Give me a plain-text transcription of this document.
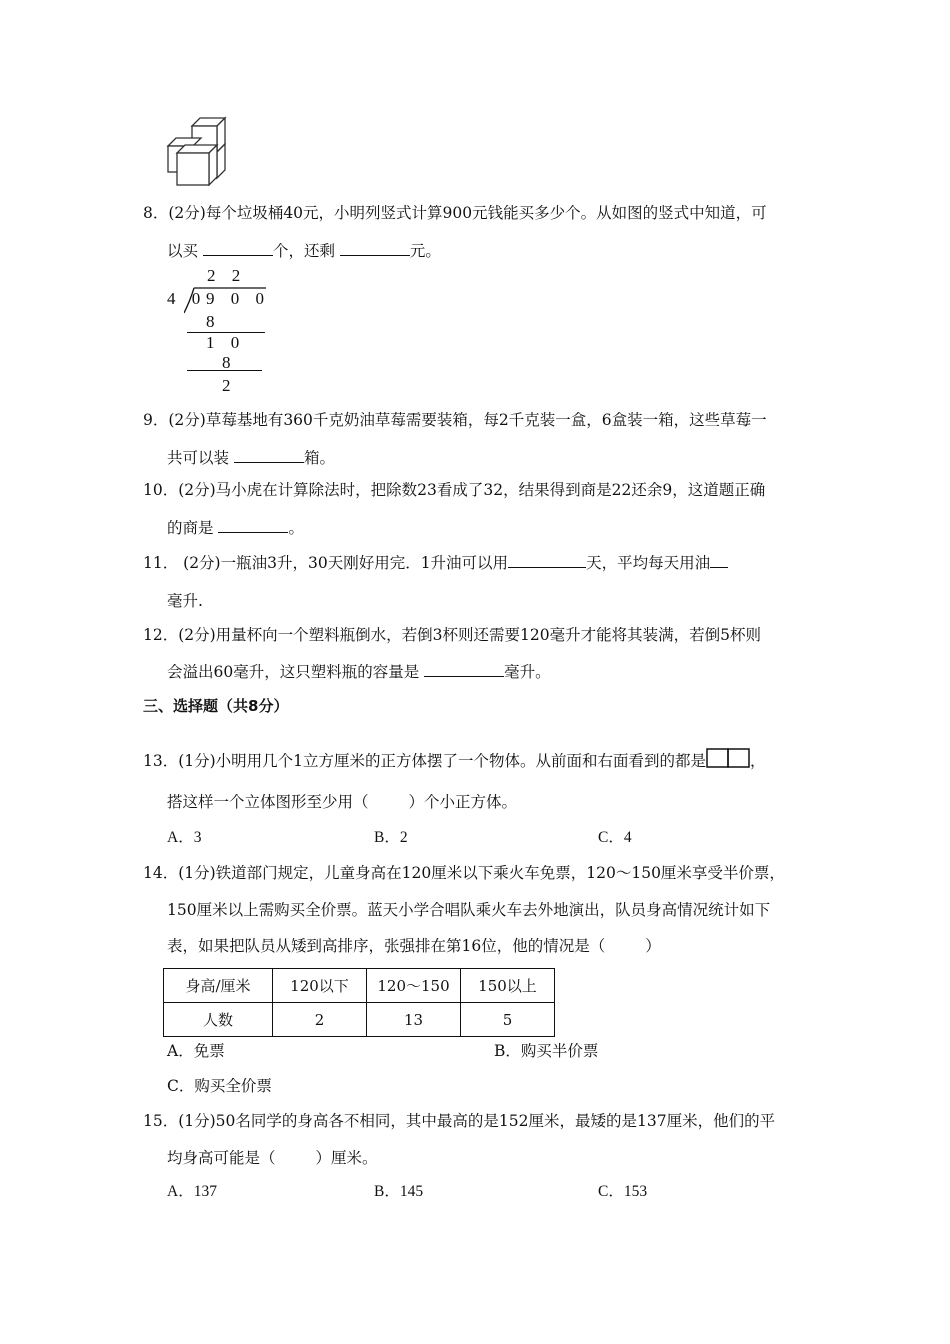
8．(2分)每个垃圾桶40元，小明列竖式计算900元钱能买多少个。从如图的竖式中知道，可
以买	个，还剩	元。
2 2
4 0 9 0 0
8
1 0
8
2
9．(2分)草莓基地有360千克奶油草莓需要装箱，每2千克装一盒，6盒装一箱，这些草莓一
共可以装	箱。
10．(2分)马小虎在计算除法时，把除数23看成了32，结果得到商是22还余9，这道题正确
的商是	。
11． (2分)一瓶油3升，30天刚好用完．1升油可以用	天，平均每天用油
毫升.
12．(2分)用量杯向一个塑料瓶倒水，若倒3杯则还需要120毫升才能将其装满，若倒5杯则
会溢出60毫升，这只塑料瓶的容量是	毫升。
三、选择题（共8分）
13．(1分)小明用几个1立方厘米的正方体摆了一个物体。从前面和右面看到的都是	，
搭这样一个立体图形至少用（	）个小正方体。
A．3	B．2	C．4
14．(1分)铁道部门规定，儿童身高在120厘米以下乘火车免票，120～150厘米享受半价票，
150厘米以上需购买全价票。蓝天小学合唱队乘火车去外地演出，队员身高情况统计如下
表，如果把队员从矮到高排序，张强排在第16位，他的情况是（	）
身高/厘米	120以下	120～150	150以上
人数	2	13	5
A．免票	B．购买半价票
C．购买全价票
15．(1分)50名同学的身高各不相同，其中最高的是152厘米，最矮的是137厘米，他们的平
均身高可能是（	）厘米。
A．137	B．145	C．153
